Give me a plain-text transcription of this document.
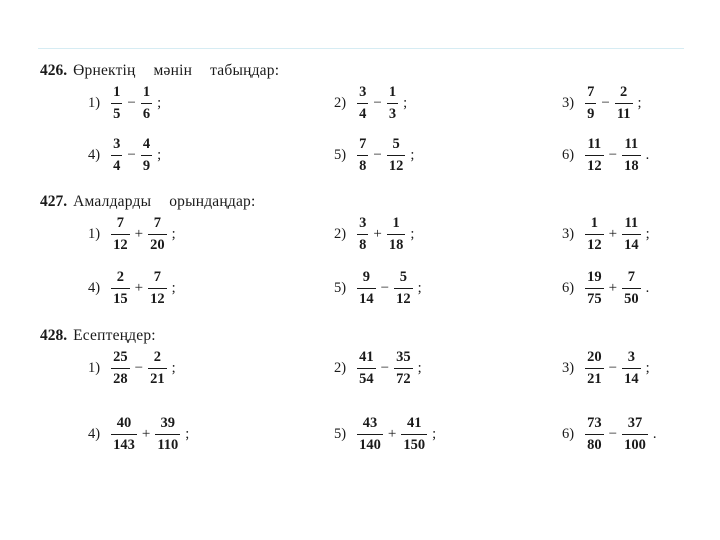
426. Өрнектің мәнін табыңдар:
$1) \frac{1}{5} - \frac{1}{6}$ ;	$2) \frac{3}{4} - \frac{1}{3}$ ;	$3) \frac{7}{9} - \frac{2}{11}$ ;
$4) \frac{3}{4} - \frac{4}{9}$ ;	$5) \frac{7}{8} - \frac{5}{12}$ ;	$6) \frac{11}{12} - \frac{11}{18}$ .
427. Амалдарды орындаңдар:
$1) \frac{7}{12} + \frac{7}{20}$ ;	$2) \frac{3}{8} + \frac{1}{18}$ ;	$3) \frac{1}{12} + \frac{11}{14}$ ;
$4) \frac{2}{15} + \frac{7}{12}$ ;	$5) \frac{9}{14} - \frac{5}{12}$ ;	$6) \frac{19}{75} + \frac{7}{50}$ .
428. Есептеңдер:
$1) \frac{25}{28} - \frac{2}{21}$ ;	$2) \frac{41}{54} - \frac{35}{72}$ ;	$3) \frac{20}{21} - \frac{3}{14}$ ;
$4) \frac{40}{143} + \frac{39}{110}$ ;	$5) \frac{43}{140} + \frac{41}{150}$ ;	$6) \frac{73}{80} - \frac{37}{100}$ .
